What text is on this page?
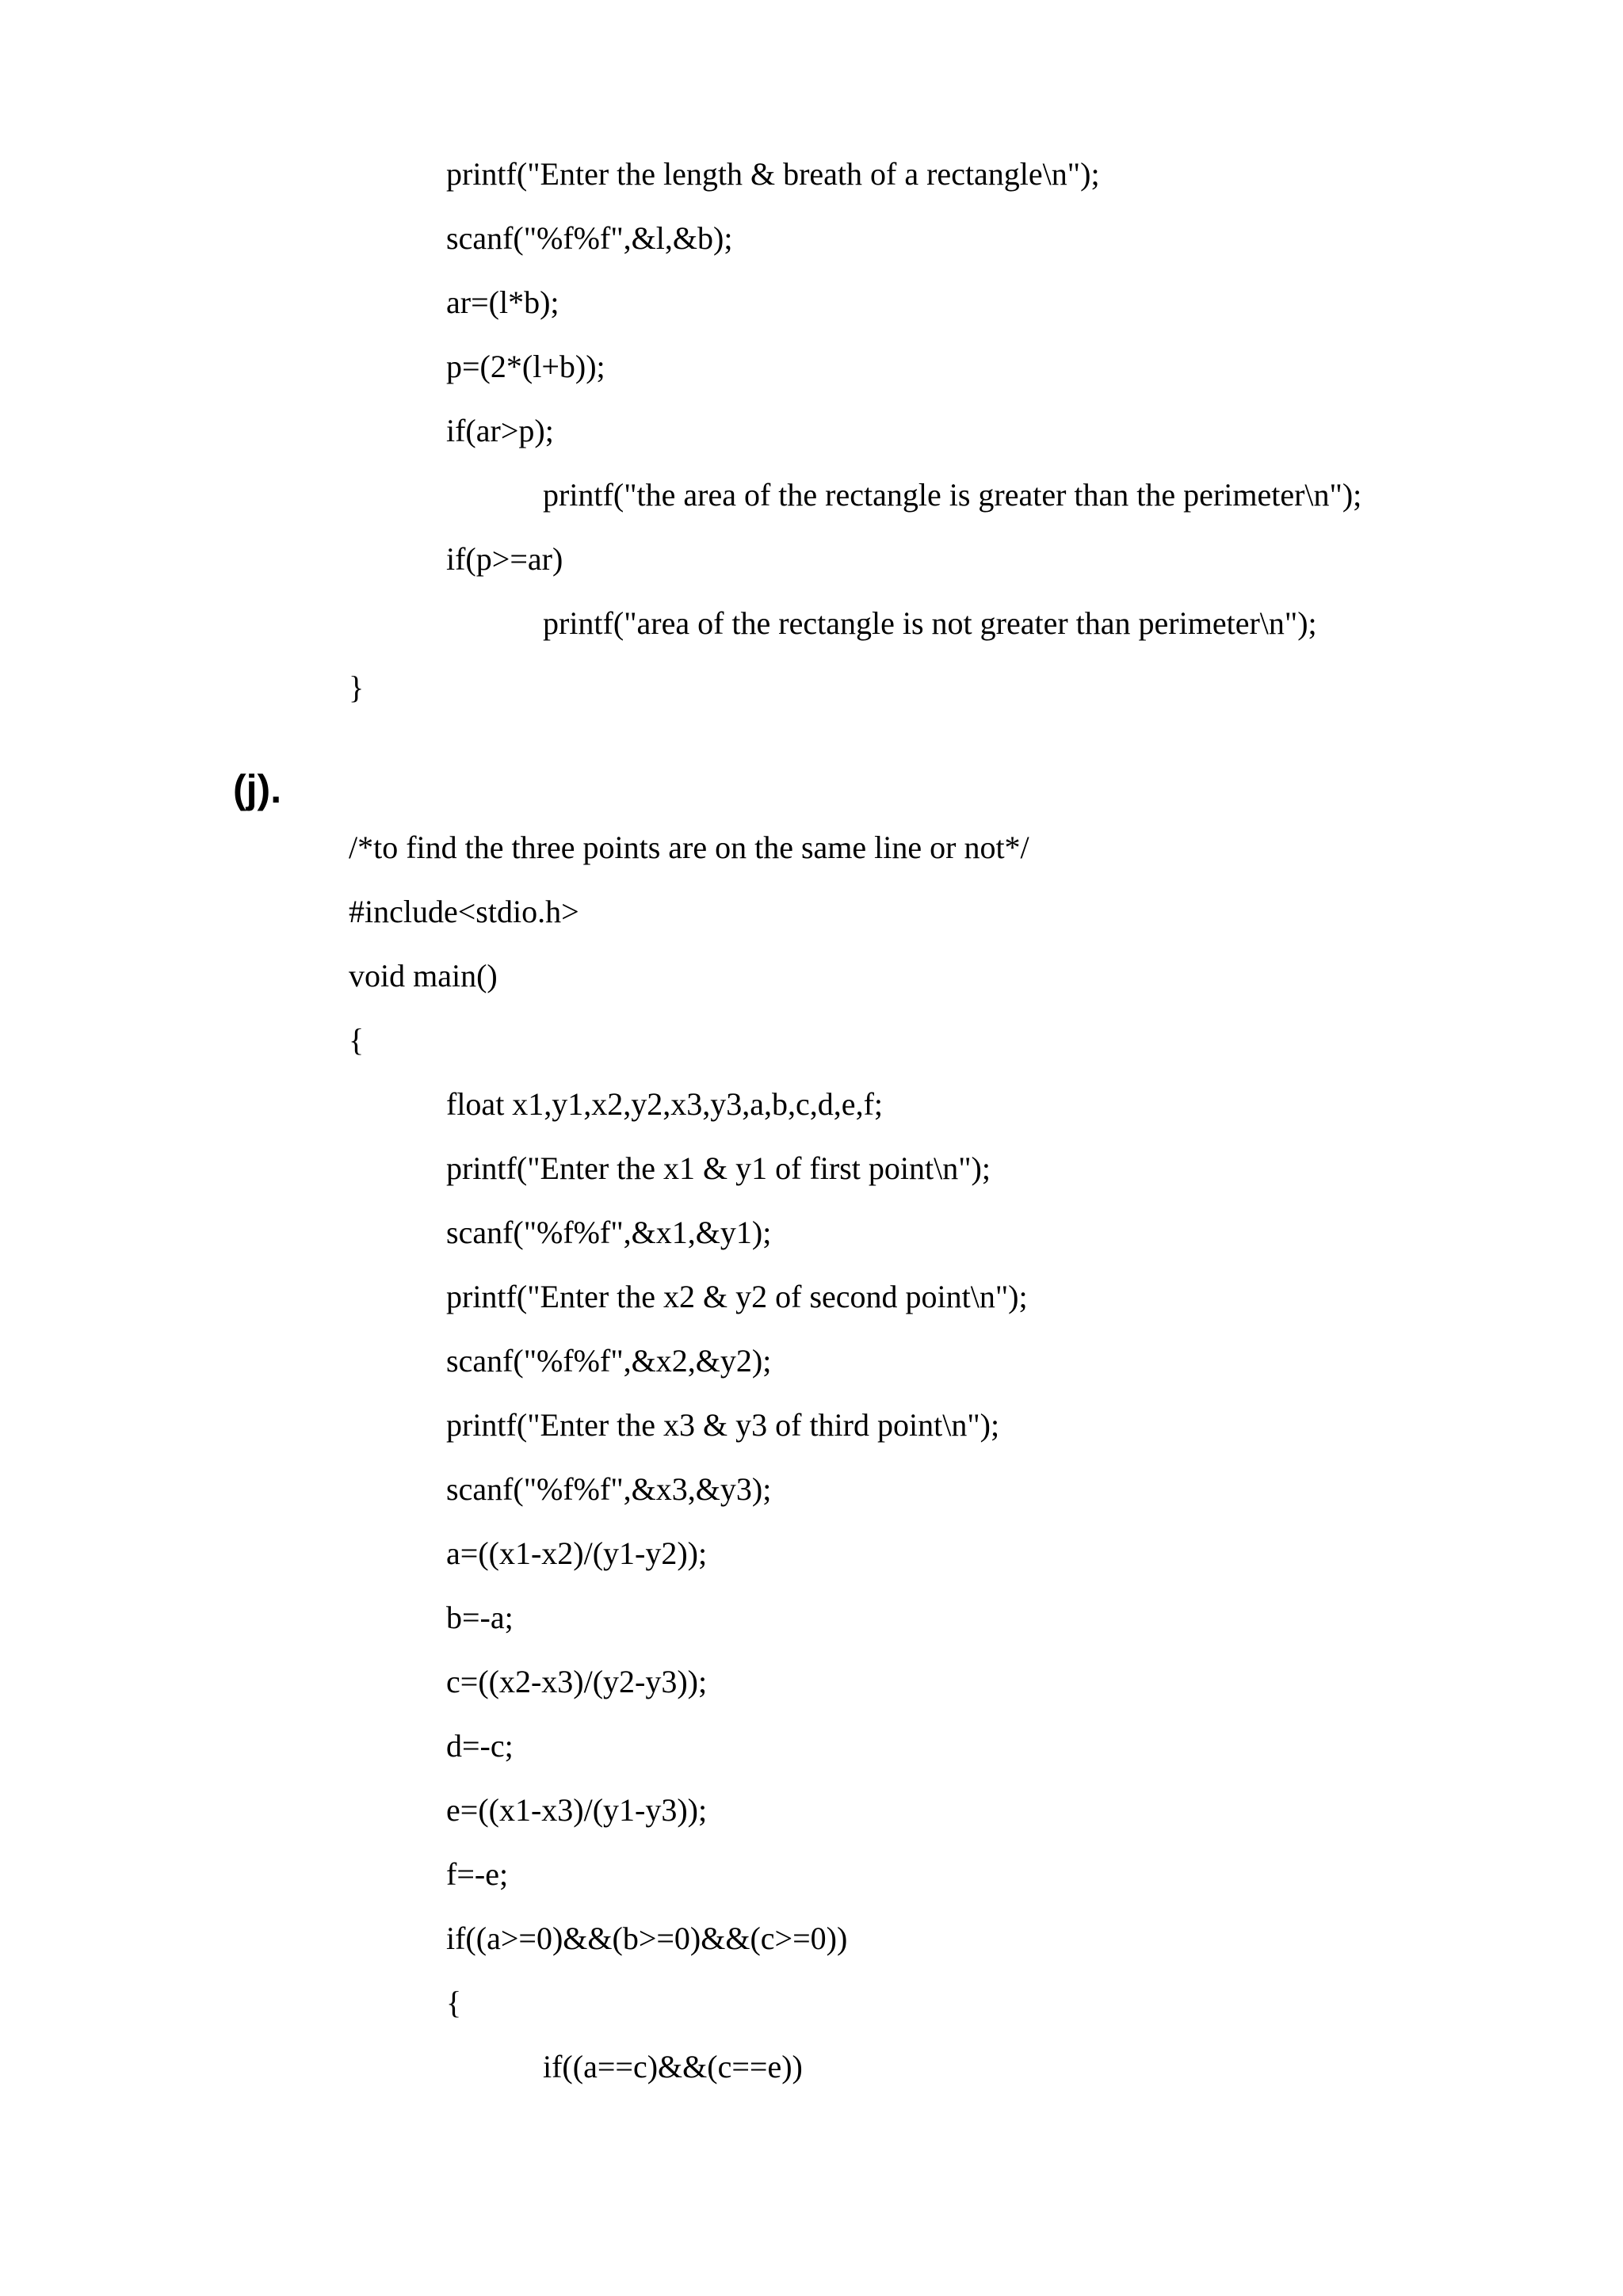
printf("Enter the length & breath of a rectangle\n");
scanf("%f%f",&l,&b);
ar=(l*b);
p=(2*(l+b));
if(ar>p);
printf("the area of the rectangle is greater than the perimeter\n");
if(p>=ar)
printf("area of the rectangle is not greater than perimeter\n");
}
(j).
/*to find the three points are on the same line or not*/
#include<stdio.h>
void main()
{
float x1,y1,x2,y2,x3,y3,a,b,c,d,e,f;
printf("Enter the x1 & y1 of first point\n");
scanf("%f%f",&x1,&y1);
printf("Enter the x2 & y2 of second point\n");
scanf("%f%f",&x2,&y2);
printf("Enter the x3 & y3 of third point\n");
scanf("%f%f",&x3,&y3);
a=((x1-x2)/(y1-y2));
b=-a;
c=((x2-x3)/(y2-y3));
d=-c;
e=((x1-x3)/(y1-y3));
f=-e;
if((a>=0)&&(b>=0)&&(c>=0))
{
if((a==c)&&(c==e))
